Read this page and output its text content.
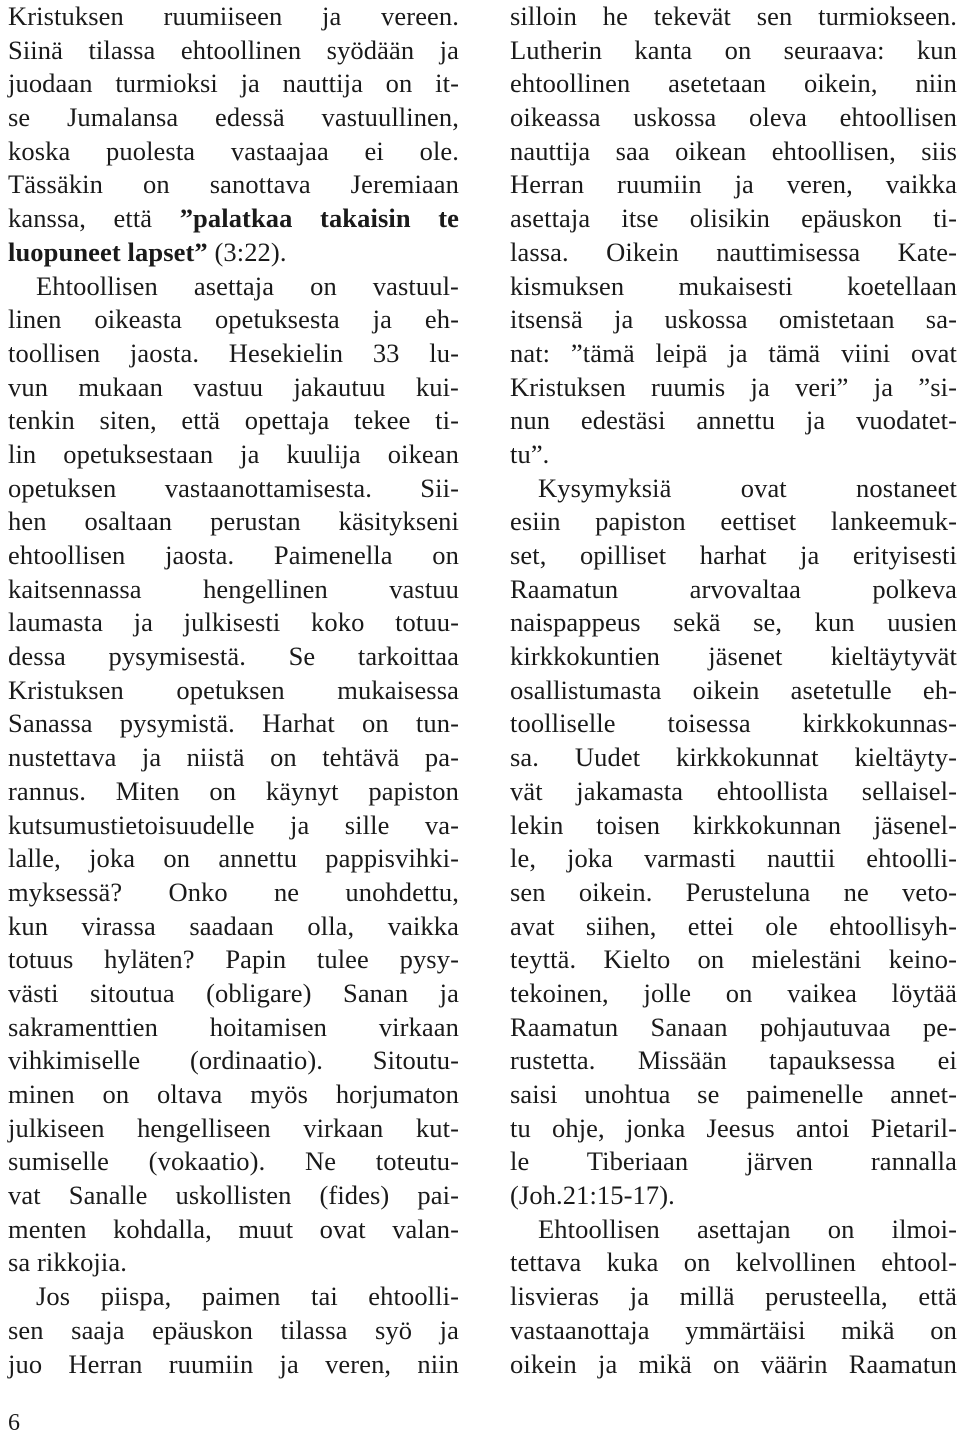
Kristuksen ruumiiseen ja vereen.
Siinä tilassa ehtoollinen syödään ja
juodaan turmioksi ja nauttija on it-
se Jumalansa edessä vastuullinen,
koska puolesta vastaajaa ei ole.
Tässäkin on sanottava Jeremiaan
kanssa, että ”palatkaa takaisin te
luopuneet lapset” (3:22).
Ehtoollisen asettaja on vastuul-
linen oikeasta opetuksesta ja eh-
toollisen jaosta. Hesekielin 33 lu-
vun mukaan vastuu jakautuu kui-
tenkin siten, että opettaja tekee ti-
lin opetuksestaan ja kuulija oikean
opetuksen vastaanottamisesta. Sii-
hen osaltaan perustan käsitykseni
ehtoollisen jaosta. Paimenella on
kaitsennassa hengellinen vastuu
laumasta ja julkisesti koko totuu-
dessa pysymisestä. Se tarkoittaa
Kristuksen opetuksen mukaisessa
Sanassa pysymistä. Harhat on tun-
nustettava ja niistä on tehtävä pa-
rannus. Miten on käynyt papiston
kutsumustietoisuudelle ja sille va-
lalle, joka on annettu pappisvihki-
myksessä? Onko ne unohdettu,
kun virassa saadaan olla, vaikka
totuus hyläten? Papin tulee pysy-
västi sitoutua (obligare) Sanan ja
sakramenttien hoitamisen virkaan
vihkimiselle (ordinaatio). Sitoutu-
minen on oltava myös horjumaton
julkiseen hengelliseen virkaan kut-
sumiselle (vokaatio). Ne toteutu-
vat Sanalle uskollisten (fides) pai-
menten kohdalla, muut ovat valan-
sa rikkojia.
Jos piispa, paimen tai ehtoolli-
sen saaja epäuskon tilassa syö ja
juo Herran ruumiin ja veren, niin
silloin he tekevät sen turmiokseen.
Lutherin kanta on seuraava: kun
ehtoollinen asetetaan oikein, niin
oikeassa uskossa oleva ehtoollisen
nauttija saa oikean ehtoollisen, siis
Herran ruumiin ja veren, vaikka
asettaja itse olisikin epäuskon ti-
lassa. Oikein nauttimisessa Kate-
kismuksen mukaisesti koetellaan
itsensä ja uskossa omistetaan sa-
nat: ”tämä leipä ja tämä viini ovat
Kristuksen ruumis ja veri” ja ”si-
nun edestäsi annettu ja vuodatet-
tu”.
Kysymyksiä ovat nostaneet
esiin papiston eettiset lankeemuk-
set, opilliset harhat ja erityisesti
Raamatun arvovaltaa polkeva
naispappeus sekä se, kun uusien
kirkkokuntien jäsenet kieltäytyvät
osallistumasta oikein asetetulle eh-
toolliselle toisessa kirkkokunnas-
sa. Uudet kirkkokunnat kieltäyty-
vät jakamasta ehtoollista sellaisel-
lekin toisen kirkkokunnan jäsenel-
le, joka varmasti nauttii ehtoolli-
sen oikein. Perusteluna ne veto-
avat siihen, ettei ole ehtoollisyh-
teyttä. Kielto on mielestäni keino-
tekoinen, jolle on vaikea löytää
Raamatun Sanaan pohjautuvaa pe-
rustetta. Missään tapauksessa ei
saisi unohtua se paimenelle annet-
tu ohje, jonka Jeesus antoi Pietaril-
le Tiberiaan järven rannalla
(Joh.21:15-17).
Ehtoollisen asettajan on ilmoi-
tettava kuka on kelvollinen ehtool-
lisvieras ja millä perusteella, että
vastaanottaja ymmärtäisi mikä on
oikein ja mikä on väärin Raamatun
6
